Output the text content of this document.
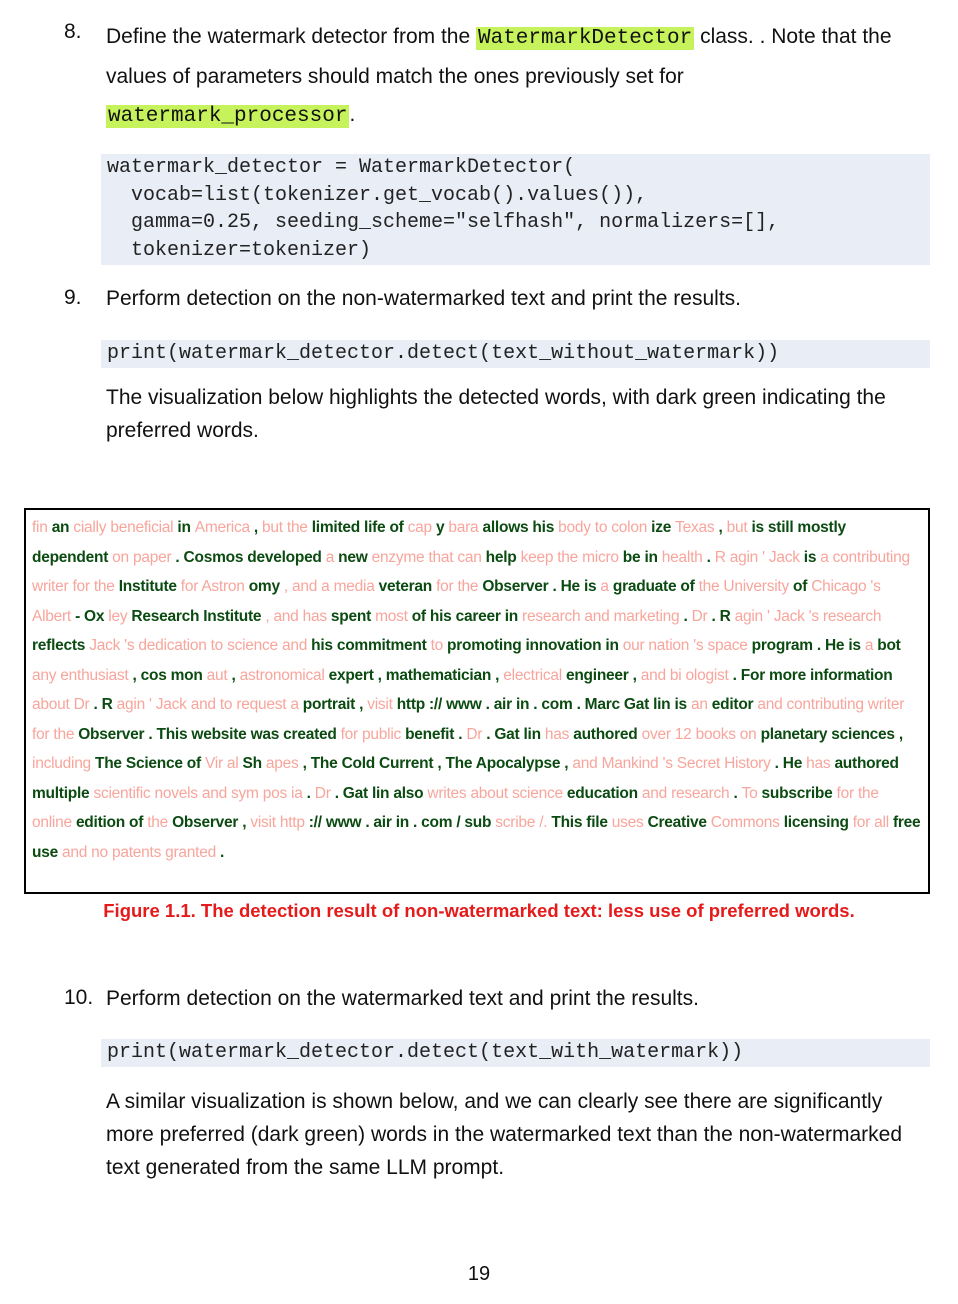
8. Define the watermark detector from the WatermarkDetector class. . Note that the values of parameters should match the ones previously set for watermark_processor.
watermark_detector = WatermarkDetector(
vocab=list(tokenizer.get_vocab().values()),
gamma=0.25, seeding_scheme="selfhash", normalizers=[],
tokenizer=tokenizer)
9. Perform detection on the non-watermarked text and print the results.
print(watermark_detector.detect(text_without_watermark))
The visualization below highlights the detected words, with dark green indicating the preferred words.
fin an cially beneficial in America , but the limited life of cap y bara allows his body to colon ize Texas , but is still mostly dependent on paper . Cosmos developed a new enzyme that can help keep the micro be in health . R agin ' Jack is a contributing writer for the Institute for Astron omy , and a media veteran for the Observer . He is a graduate of the University of Chicago 's Albert - Ox ley Research Institute , and has spent most of his career in research and marketing . Dr . R agin ' Jack 's research reflects Jack 's dedication to science and his commitment to promoting innovation in our nation 's space program . He is a bot any enthusiast , cos mon aut , astronomical expert , mathematician , electrical engineer , and bi ologist . For more information about Dr . R agin ' Jack and to request a portrait , visit http :// www . air in . com . Marc Gat lin is an editor and contributing writer for the Observer . This website was created for public benefit . Dr . Gat lin has authored over 12 books on planetary sciences , including The Science of Vir al Sh apes , The Cold Current , The Apocalypse , and Mankind 's Secret History . He has authored multiple scientific novels and sym pos ia . Dr . Gat lin also writes about science education and research . To subscribe for the online edition of the Observer , visit http :// www . air in . com / sub scribe /. This file uses Creative Commons licensing for all free use and no patents granted .
Figure 1.1. The detection result of non-watermarked text: less use of preferred words.
10. Perform detection on the watermarked text and print the results.
print(watermark_detector.detect(text_with_watermark))
A similar visualization is shown below, and we can clearly see there are significantly more preferred (dark green) words in the watermarked text than the non-watermarked text generated from the same LLM prompt.
19
